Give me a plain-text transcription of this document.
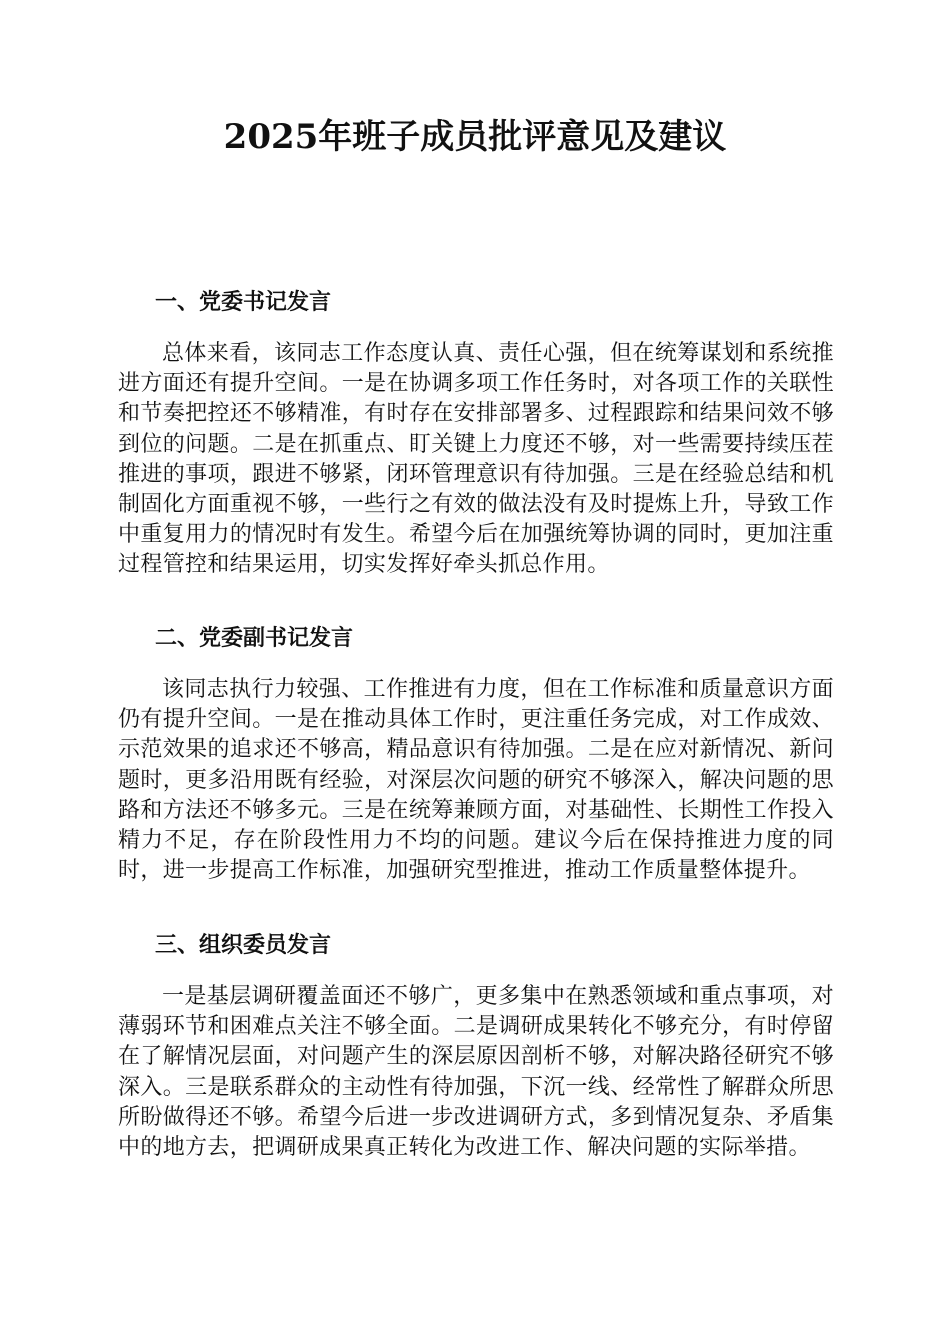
2025年班子成员批评意见及建议
一、党委书记发言

总体来看，该同志工作态度认真、责任心强，但在统筹谋划和系统推进方面还有提升空间。一是在协调多项工作任务时，对各项工作的关联性和节奏把控还不够精准，有时存在安排部署多、过程跟踪和结果问效不够到位的问题。二是在抓重点、盯关键上力度还不够，对一些需要持续压茬推进的事项，跟进不够紧，闭环管理意识有待加强。三是在经验总结和机制固化方面重视不够，一些行之有效的做法没有及时提炼上升，导致工作中重复用力的情况时有发生。希望今后在加强统筹协调的同时，更加注重过程管控和结果运用，切实发挥好牵头抓总作用。

二、党委副书记发言

该同志执行力较强、工作推进有力度，但在工作标准和质量意识方面仍有提升空间。一是在推动具体工作时，更注重任务完成，对工作成效、示范效果的追求还不够高，精品意识有待加强。二是在应对新情况、新问题时，更多沿用既有经验，对深层次问题的研究不够深入，解决问题的思路和方法还不够多元。三是在统筹兼顾方面，对基础性、长期性工作投入精力不足，存在阶段性用力不均的问题。建议今后在保持推进力度的同时，进一步提高工作标准，加强研究型推进，推动工作质量整体提升。

三、组织委员发言

一是基层调研覆盖面还不够广，更多集中在熟悉领域和重点事项，对薄弱环节和困难点关注不够全面。二是调研成果转化不够充分，有时停留在了解情况层面，对问题产生的深层原因剖析不够，对解决路径研究不够深入。三是联系群众的主动性有待加强，下沉一线、经常性了解群众所思所盼做得还不够。希望今后进一步改进调研方式，多到情况复杂、矛盾集中的地方去，把调研成果真正转化为改进工作、解决问题的实际举措。
